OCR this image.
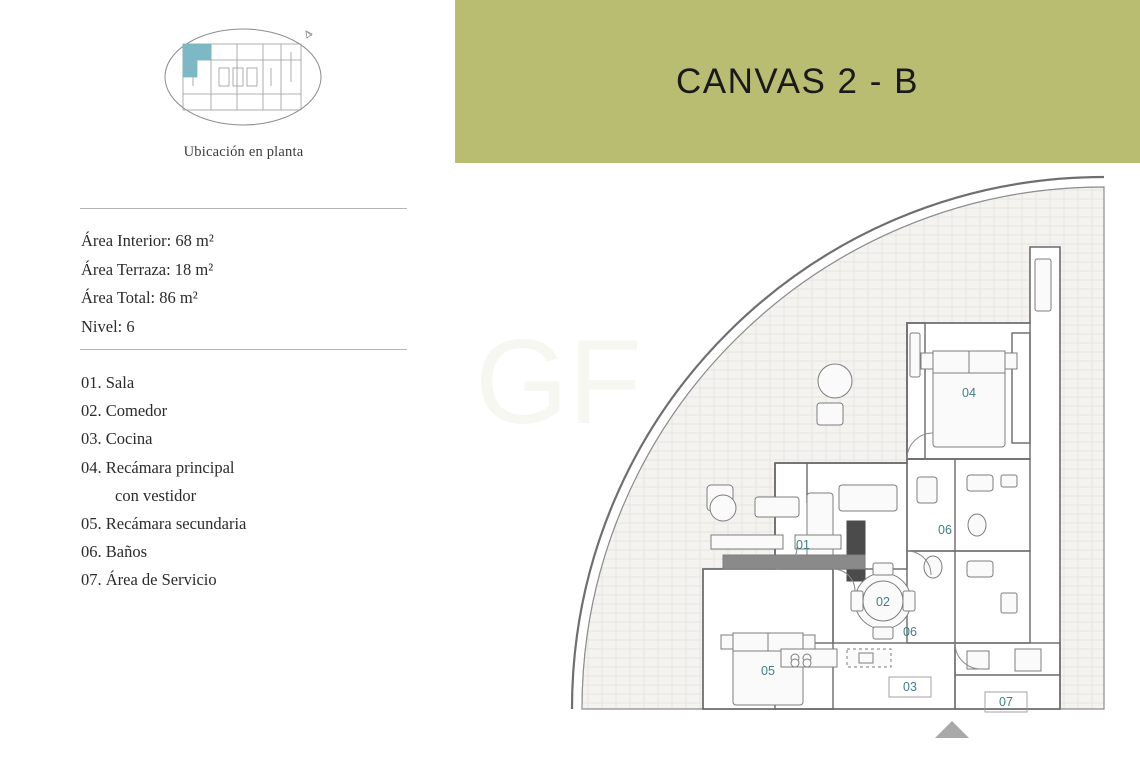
CANVAS 2 - B
Ubicación en planta
Área Interior: 68 m²
Área Terraza: 18 m²
Área Total: 86 m²
Nivel: 6
01. Sala
02. Comedor
03. Cocina
04. Recámara principal
con vestidor
05. Recámara secundaria
06. Baños
07. Área de Servicio
GF
01
02
03
04
05
06
06
07
